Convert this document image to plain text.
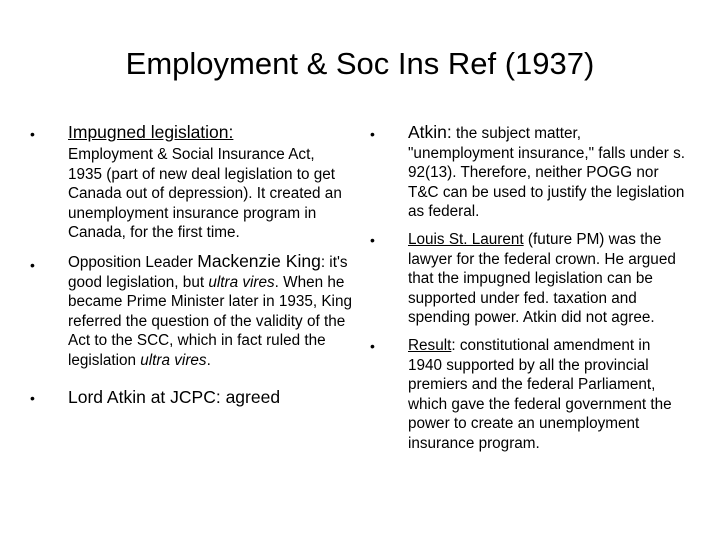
Employment & Soc Ins Ref (1937)
• Impugned legislation:
Employment & Social Insurance Act, 1935 (part of new deal legislation to get Canada out of depression). It created an unemployment insurance program in Canada, for the first time.
• Opposition Leader Mackenzie King: it's good legislation, but ultra vires. When he became Prime Minister later in 1935, King referred the question of the validity of the Act to the SCC, which in fact ruled the legislation ultra vires.
• Lord Atkin at JCPC: agreed
• Atkin: the subject matter, "unemployment insurance," falls under s. 92(13). Therefore, neither POGG nor T&C can be used to justify the legislation as federal.
• Louis St. Laurent (future PM) was the lawyer for the federal crown. He argued that the impugned legislation can be supported under fed. taxation and spending power. Atkin did not agree.
• Result: constitutional amendment in 1940 supported by all the provincial premiers and the federal Parliament, which gave the federal government the power to create an unemployment insurance program.
